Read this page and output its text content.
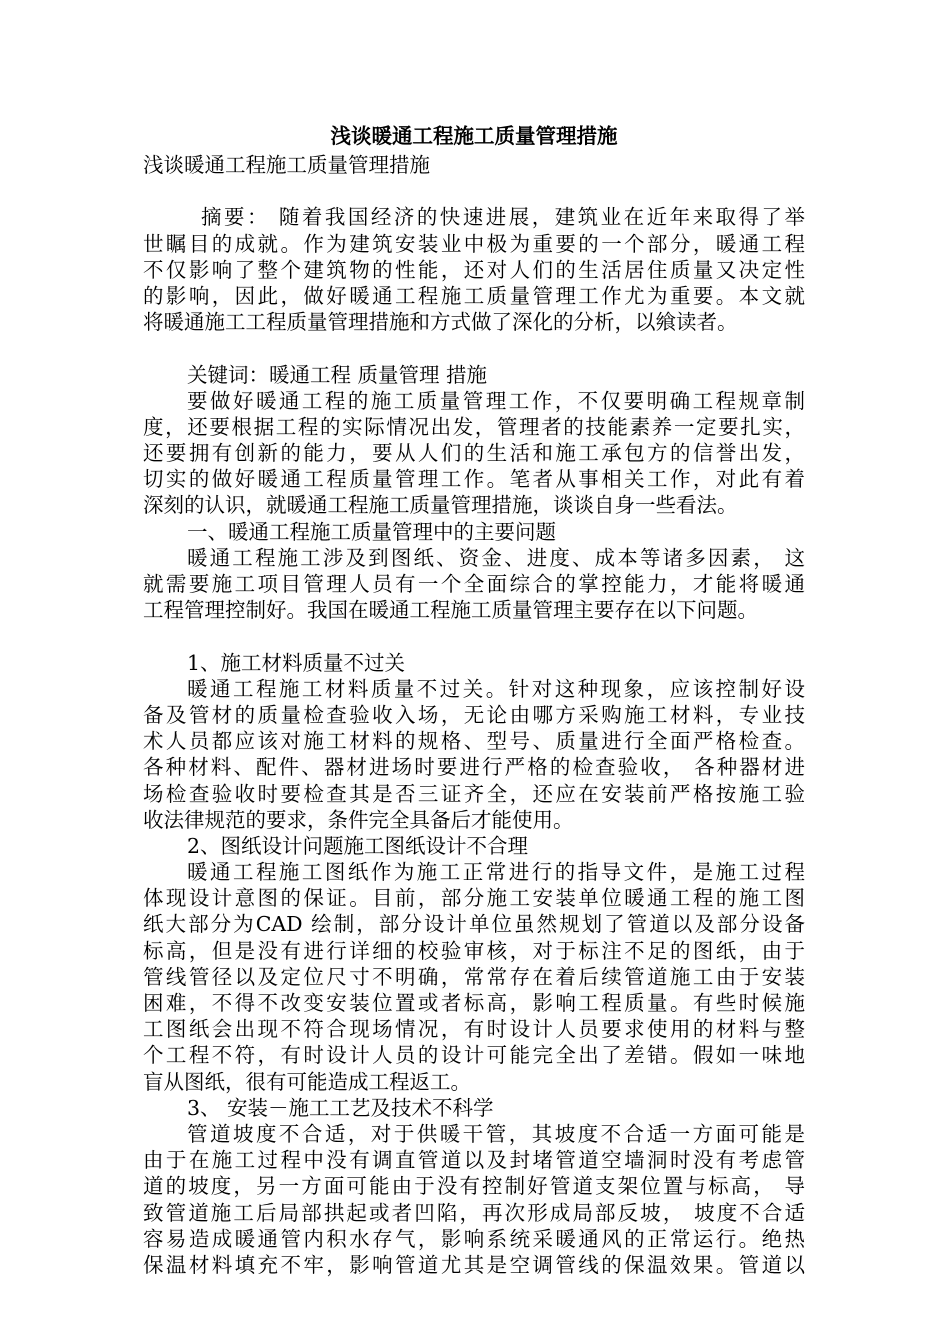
浅谈暖通工程施工质量管理措施
浅谈暖通工程施工质量管理措施
摘要： 随着我国经济的快速进展，建筑业在近年来取得了举
世瞩目的成就。作为建筑安装业中极为重要的一个部分，暖通工程
不仅影响了整个建筑物的性能，还对人们的生活居住质量又决定性
的影响，因此，做好暖通工程施工质量管理工作尤为重要。本文就
将暖通施工工程质量管理措施和方式做了深化的分析，以飨读者。
关键词：暖通工程 质量管理 措施
要做好暖通工程的施工质量管理工作，不仅要明确工程规章制
度，还要根据工程的实际情况出发，管理者的技能素养一定要扎实，
还要拥有创新的能力，要从人们的生活和施工承包方的信誉出发，
切实的做好暖通工程质量管理工作。笔者从事相关工作，对此有着
深刻的认识，就暖通工程施工质量管理措施，谈谈自身一些看法。
一、暖通工程施工质量管理中的主要问题
暖通工程施工涉及到图纸、资金、进度、成本等诸多因素， 这
就需要施工项目管理人员有一个全面综合的掌控能力，才能将暖通
工程管理控制好。我国在暖通工程施工质量管理主要存在以下问题。
1、施工材料质量不过关
暖通工程施工材料质量不过关。针对这种现象，应该控制好设
备及管材的质量检查验收入场，无论由哪方采购施工材料，专业技
术人员都应该对施工材料的规格、型号、质量进行全面严格检查。
各种材料、配件、器材进场时要进行严格的检查验收， 各种器材进
场检查验收时要检查其是否三证齐全，还应在安装前严格按施工验
收法律规范的要求，条件完全具备后才能使用。
2、图纸设计问题施工图纸设计不合理
暖通工程施工图纸作为施工正常进行的指导文件，是施工过程
体现设计意图的保证。目前，部分施工安装单位暖通工程的施工图
纸大部分为CAD 绘制，部分设计单位虽然规划了管道以及部分设备
标高，但是没有进行详细的校验审核，对于标注不足的图纸，由于
管线管径以及定位尺寸不明确，常常存在着后续管道施工由于安装
困难，不得不改变安装位置或者标高，影响工程质量。有些时候施
工图纸会出现不符合现场情况，有时设计人员要求使用的材料与整
个工程不符，有时设计人员的设计可能完全出了差错。假如一味地
盲从图纸，很有可能造成工程返工。
3、 安装－施工工艺及技术不科学
管道坡度不合适，对于供暖干管，其坡度不合适一方面可能是
由于在施工过程中没有调直管道以及封堵管道空墙洞时没有考虑管
道的坡度，另一方面可能由于没有控制好管道支架位置与标高， 导
致管道施工后局部拱起或者凹陷，再次形成局部反坡， 坡度不合适
容易造成暖通管内积水存气，影响系统采暖通风的正常运行。绝热
保温材料填充不牢，影响管道尤其是空调管线的保温效果。管道以
